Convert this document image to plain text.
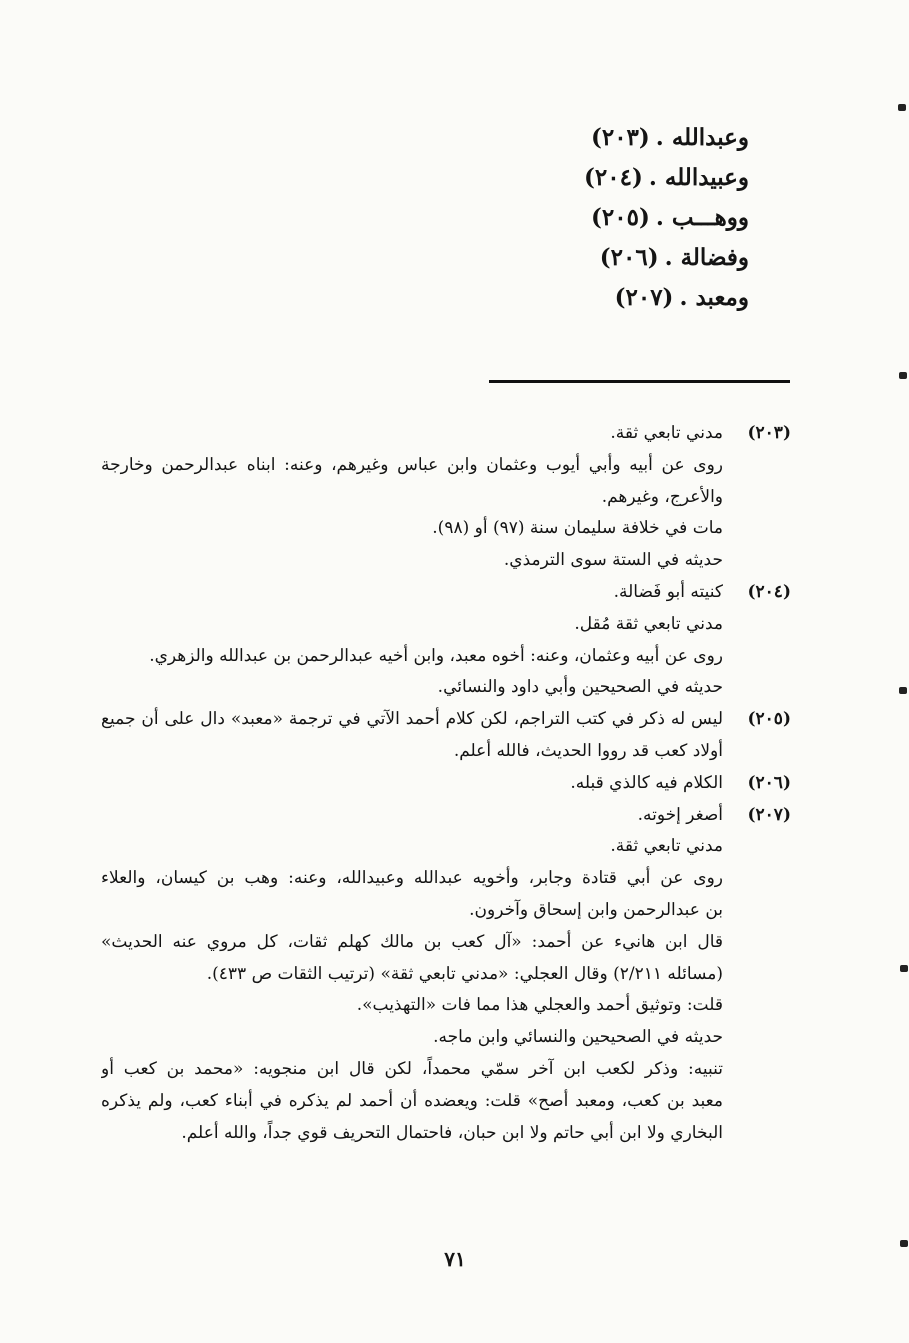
وعبدالله .(٢٠٣)
وعبيدالله .(٢٠٤)
ووهـــب .(٢٠٥)
وفضالة .(٢٠٦)
ومعبد .(٢٠٧)
(٢٠٣)
مدني تابعي ثقة.
روى عن أبيه وأبي أيوب وعثمان وابن عباس وغيرهم، وعنه: ابناه عبدالرحمن وخارجة
والأعرج، وغيرهم.
مات في خلافة سليمان سنة (٩٧) أو (٩٨).
حديثه في الستة سوى الترمذي.
(٢٠٤)
كنيته أبو فَضالة.
مدني تابعي ثقة مُقل.
روى عن أبيه وعثمان، وعنه: أخوه معبد، وابن أخيه عبدالرحمن بن عبدالله والزهري.
حديثه في الصحيحين وأبي داود والنسائي.
(٢٠٥)
ليس له ذكر في كتب التراجم، لكن كلام أحمد الآتي في ترجمة «معبد» دال على أن جميع
أولاد كعب قد رووا الحديث، فالله أعلم.
(٢٠٦)
الكلام فيه كالذي قبله.
(٢٠٧)
أصغر إخوته.
مدني تابعي ثقة.
روى عن أبي قتادة وجابر، وأخويه عبدالله وعبيدالله، وعنه: وهب بن كيسان، والعلاء
بن عبدالرحمن وابن إسحاق وآخرون.
قال ابن هانيء عن أحمد: «آل كعب بن مالك كهلم ثقات، كل مروي عنه الحديث»
(مسائله ٢/٢١١) وقال العجلي: «مدني تابعي ثقة» (ترتيب الثقات ص ٤٣٣).
قلت: وتوثيق أحمد والعجلي هذا مما فات «التهذيب».
حديثه في الصحيحين والنسائي وابن ماجه.
تنبيه: وذكر لكعب ابن آخر سمّي محمداً، لكن قال ابن منجويه: «محمد بن كعب أو
معبد بن كعب، ومعبد أصح» قلت: ويعضده أن أحمد لم يذكره في أبناء كعب، ولم يذكره
البخاري ولا ابن أبي حاتم ولا ابن حبان، فاحتمال التحريف قوي جداً، والله أعلم.
٧١
